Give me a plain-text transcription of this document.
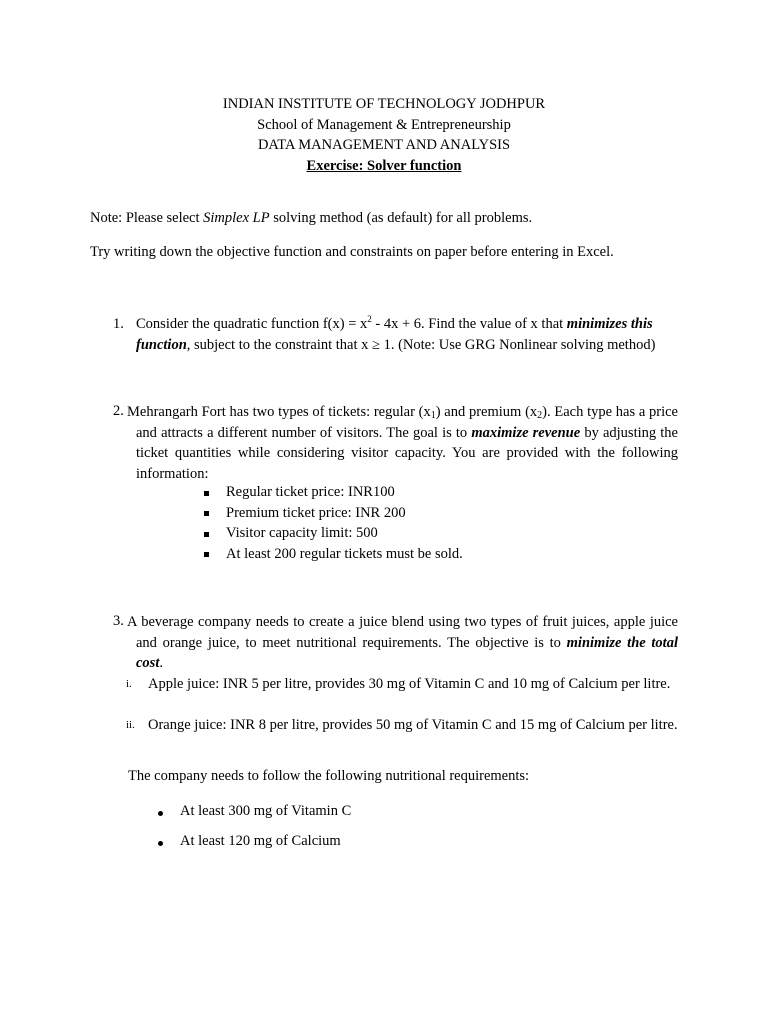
INDIAN INSTITUTE OF TECHNOLOGY JODHPUR
School of Management & Entrepreneurship
DATA MANAGEMENT AND ANALYSIS
Exercise: Solver function
Note: Please select Simplex LP solving method (as default) for all problems.
Try writing down the objective function and constraints on paper before entering in Excel.
1. Consider the quadratic function $f(x) = x^2 - 4x + 6$. Find the value of x that minimizes this
function, subject to the constraint that x ≥ 1. (Note: Use GRG Nonlinear solving method)
2. Mehrangarh Fort has two types of tickets: regular $(x_1)$ and premium $(x_2)$. Each type has a price and attracts a different number of visitors. The goal is to maximize revenue by adjusting the ticket quantities while considering visitor capacity. You are provided with the following information:
Regular ticket price: INR100
Premium ticket price: INR 200
Visitor capacity limit: 500
At least 200 regular tickets must be sold.
3. A beverage company needs to create a juice blend using two types of fruit juices, apple juice and orange juice, to meet nutritional requirements. The objective is to minimize the total cost.
i. Apple juice: INR 5 per litre, provides 30 mg of Vitamin C and 10 mg of Calcium per litre.
ii. Orange juice: INR 8 per litre, provides 50 mg of Vitamin C and 15 mg of Calcium per litre.
The company needs to follow the following nutritional requirements:
At least 300 mg of Vitamin C
At least 120 mg of Calcium
